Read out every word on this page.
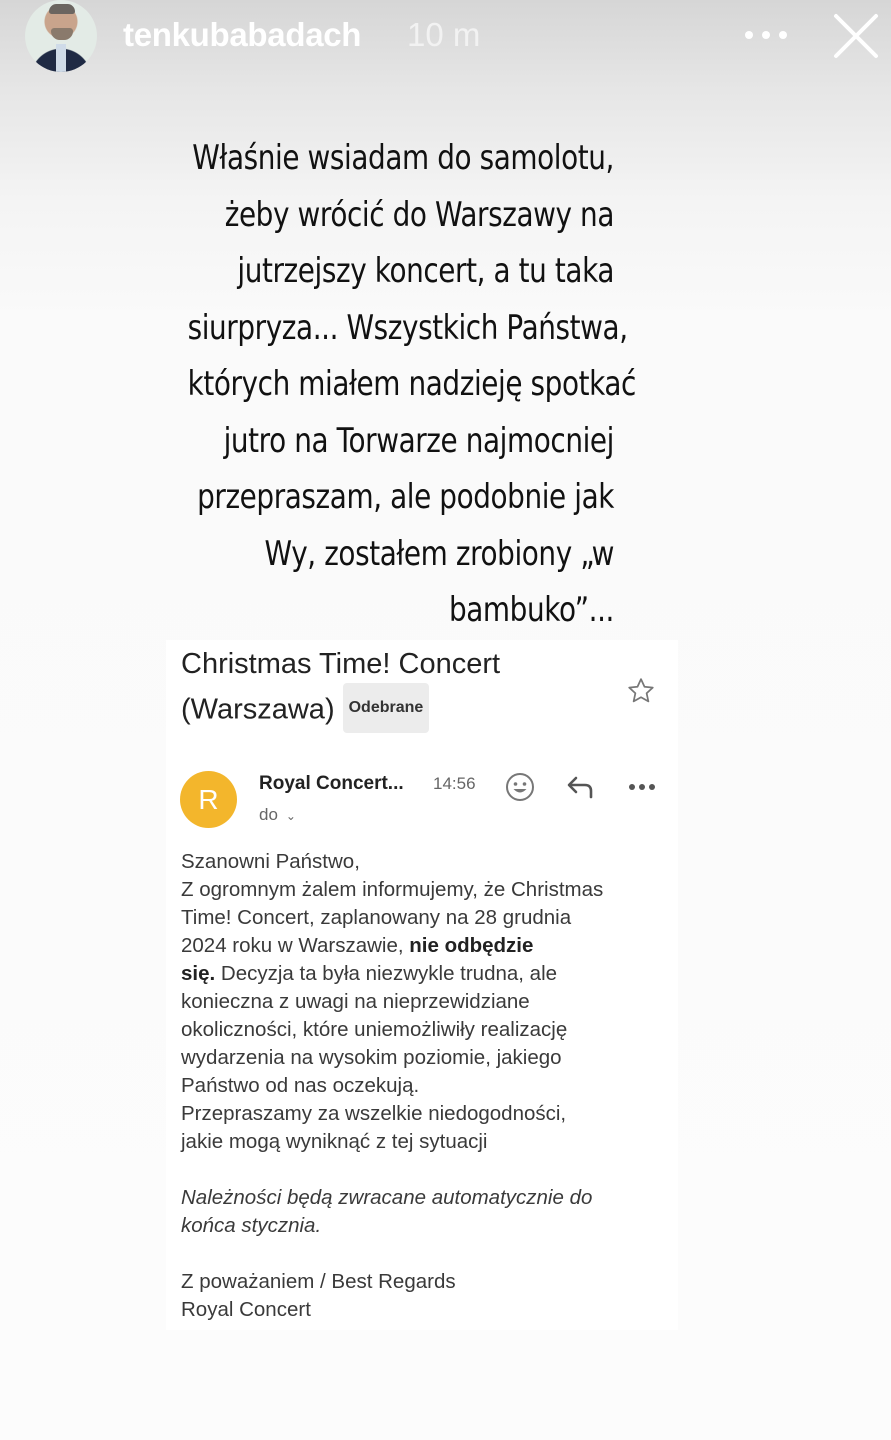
tenkubabadach 10 m
Właśnie wsiadam do samolotu,
żeby wrócić do Warszawy na
jutrzejszy koncert, a tu taka
siurpryza... Wszystkich Państwa,
których miałem nadzieję spotkać
jutro na Torwarze najmocniej
przepraszam, ale podobnie jak
Wy, zostałem zrobiony „w
bambuko”...
Christmas Time! Concert
(Warszawa) Odebrane
R	Royal Concert... 14:56
do ⌄

Szanowni Państwo,

Z ogromnym żalem informujemy, że Christmas

Time! Concert, zaplanowany na 28 grudnia

2024 roku w Warszawie, nie odbędzie

się. Decyzja ta była niezwykle trudna, ale

konieczna z uwagi na nieprzewidziane

okoliczności, które uniemożliwiły realizację

wydarzenia na wysokim poziomie, jakiego

Państwo od nas oczekują.

Przepraszamy za wszelkie niedogodności,

jakie mogą wyniknąć z tej sytuacji

Należności będą zwracane automatycznie do

końca stycznia.

Z poważaniem / Best Regards

Royal Concert
